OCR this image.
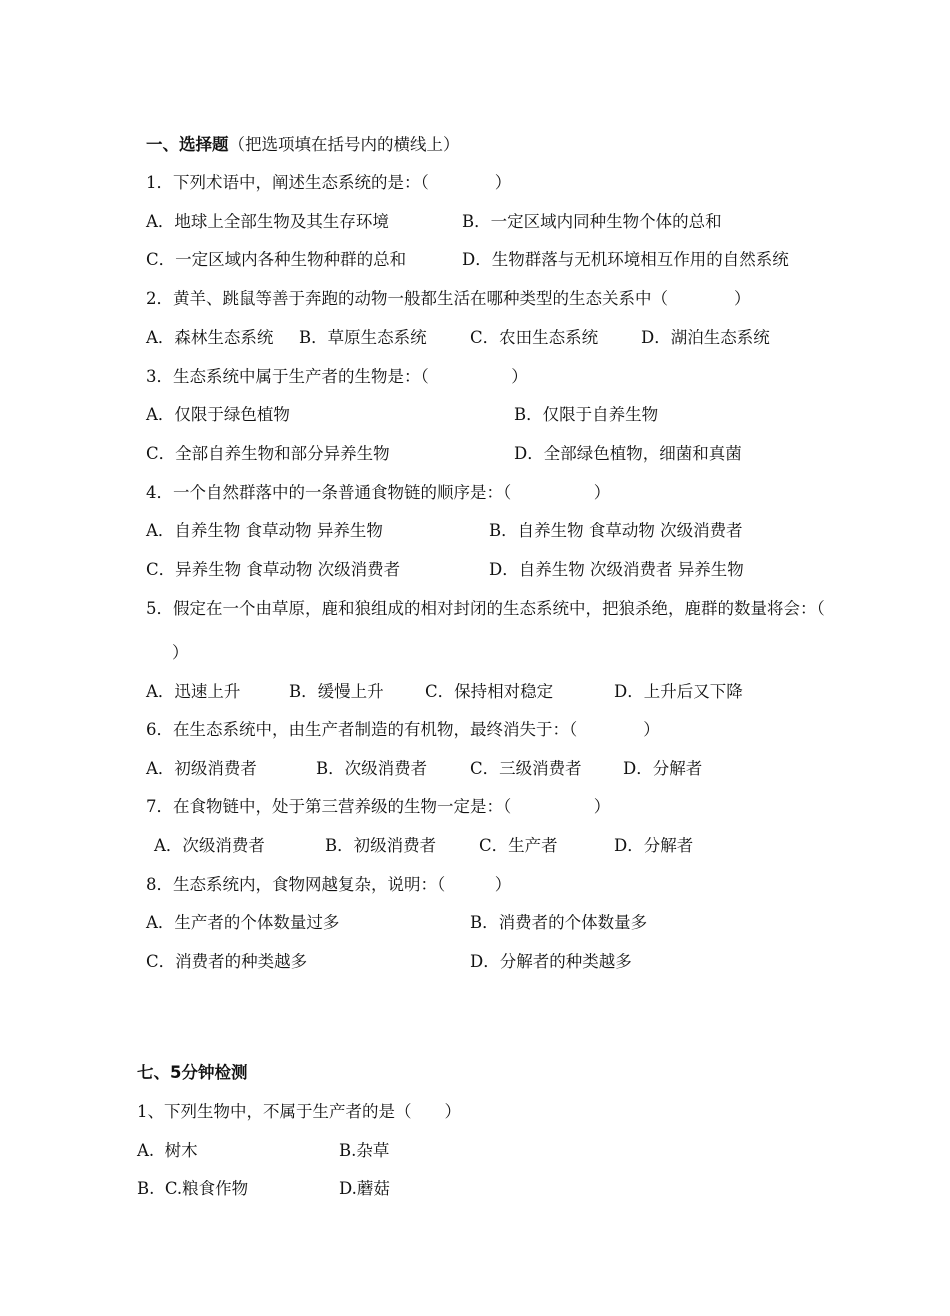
一、选择题（把选项填在括号内的横线上）
1．下列术语中，阐述生态系统的是：（　　　　）
A．地球上全部生物及其生存环境	B．一定区域内同种生物个体的总和
C．一定区域内各种生物种群的总和	D．生物群落与无机环境相互作用的自然系统
2．黄羊、跳鼠等善于奔跑的动物一般都生活在哪种类型的生态关系中（　　　　）
A．森林生态系统 B．草原生态系统	C．农田生态系统	D．湖泊生态系统
3．生态系统中属于生产者的生物是：（　　　　　）
A．仅限于绿色植物	B．仅限于自养生物
C．全部自养生物和部分异养生物	D．全部绿色植物，细菌和真菌
4．一个自然群落中的一条普通食物链的顺序是：（　　　　　）
A．自养生物 食草动物 异养生物	B．自养生物 食草动物 次级消费者
C．异养生物 食草动物 次级消费者	D．自养生物 次级消费者 异养生物
5．假定在一个由草原，鹿和狼组成的相对封闭的生态系统中，把狼杀绝，鹿群的数量将会：（
）
A．迅速上升	B．缓慢上升	C．保持相对稳定	D．上升后又下降
6．在生态系统中，由生产者制造的有机物，最终消失于：（　　　　）
A．初级消费者	B．次级消费者	C．三级消费者	D．分解者
7．在食物链中，处于第三营养级的生物一定是：（　　　　　）
A．次级消费者	B．初级消费者	C．生产者	D．分解者
8．生态系统内，食物网越复杂，说明：（　　　）
A．生产者的个体数量过多	B．消费者的个体数量多
C．消费者的种类越多	D．分解者的种类越多
七、5分钟检测
1、下列生物中，不属于生产者的是（　　）
A.  树木	B.杂草
B.  C.粮食作物	D.蘑菇
